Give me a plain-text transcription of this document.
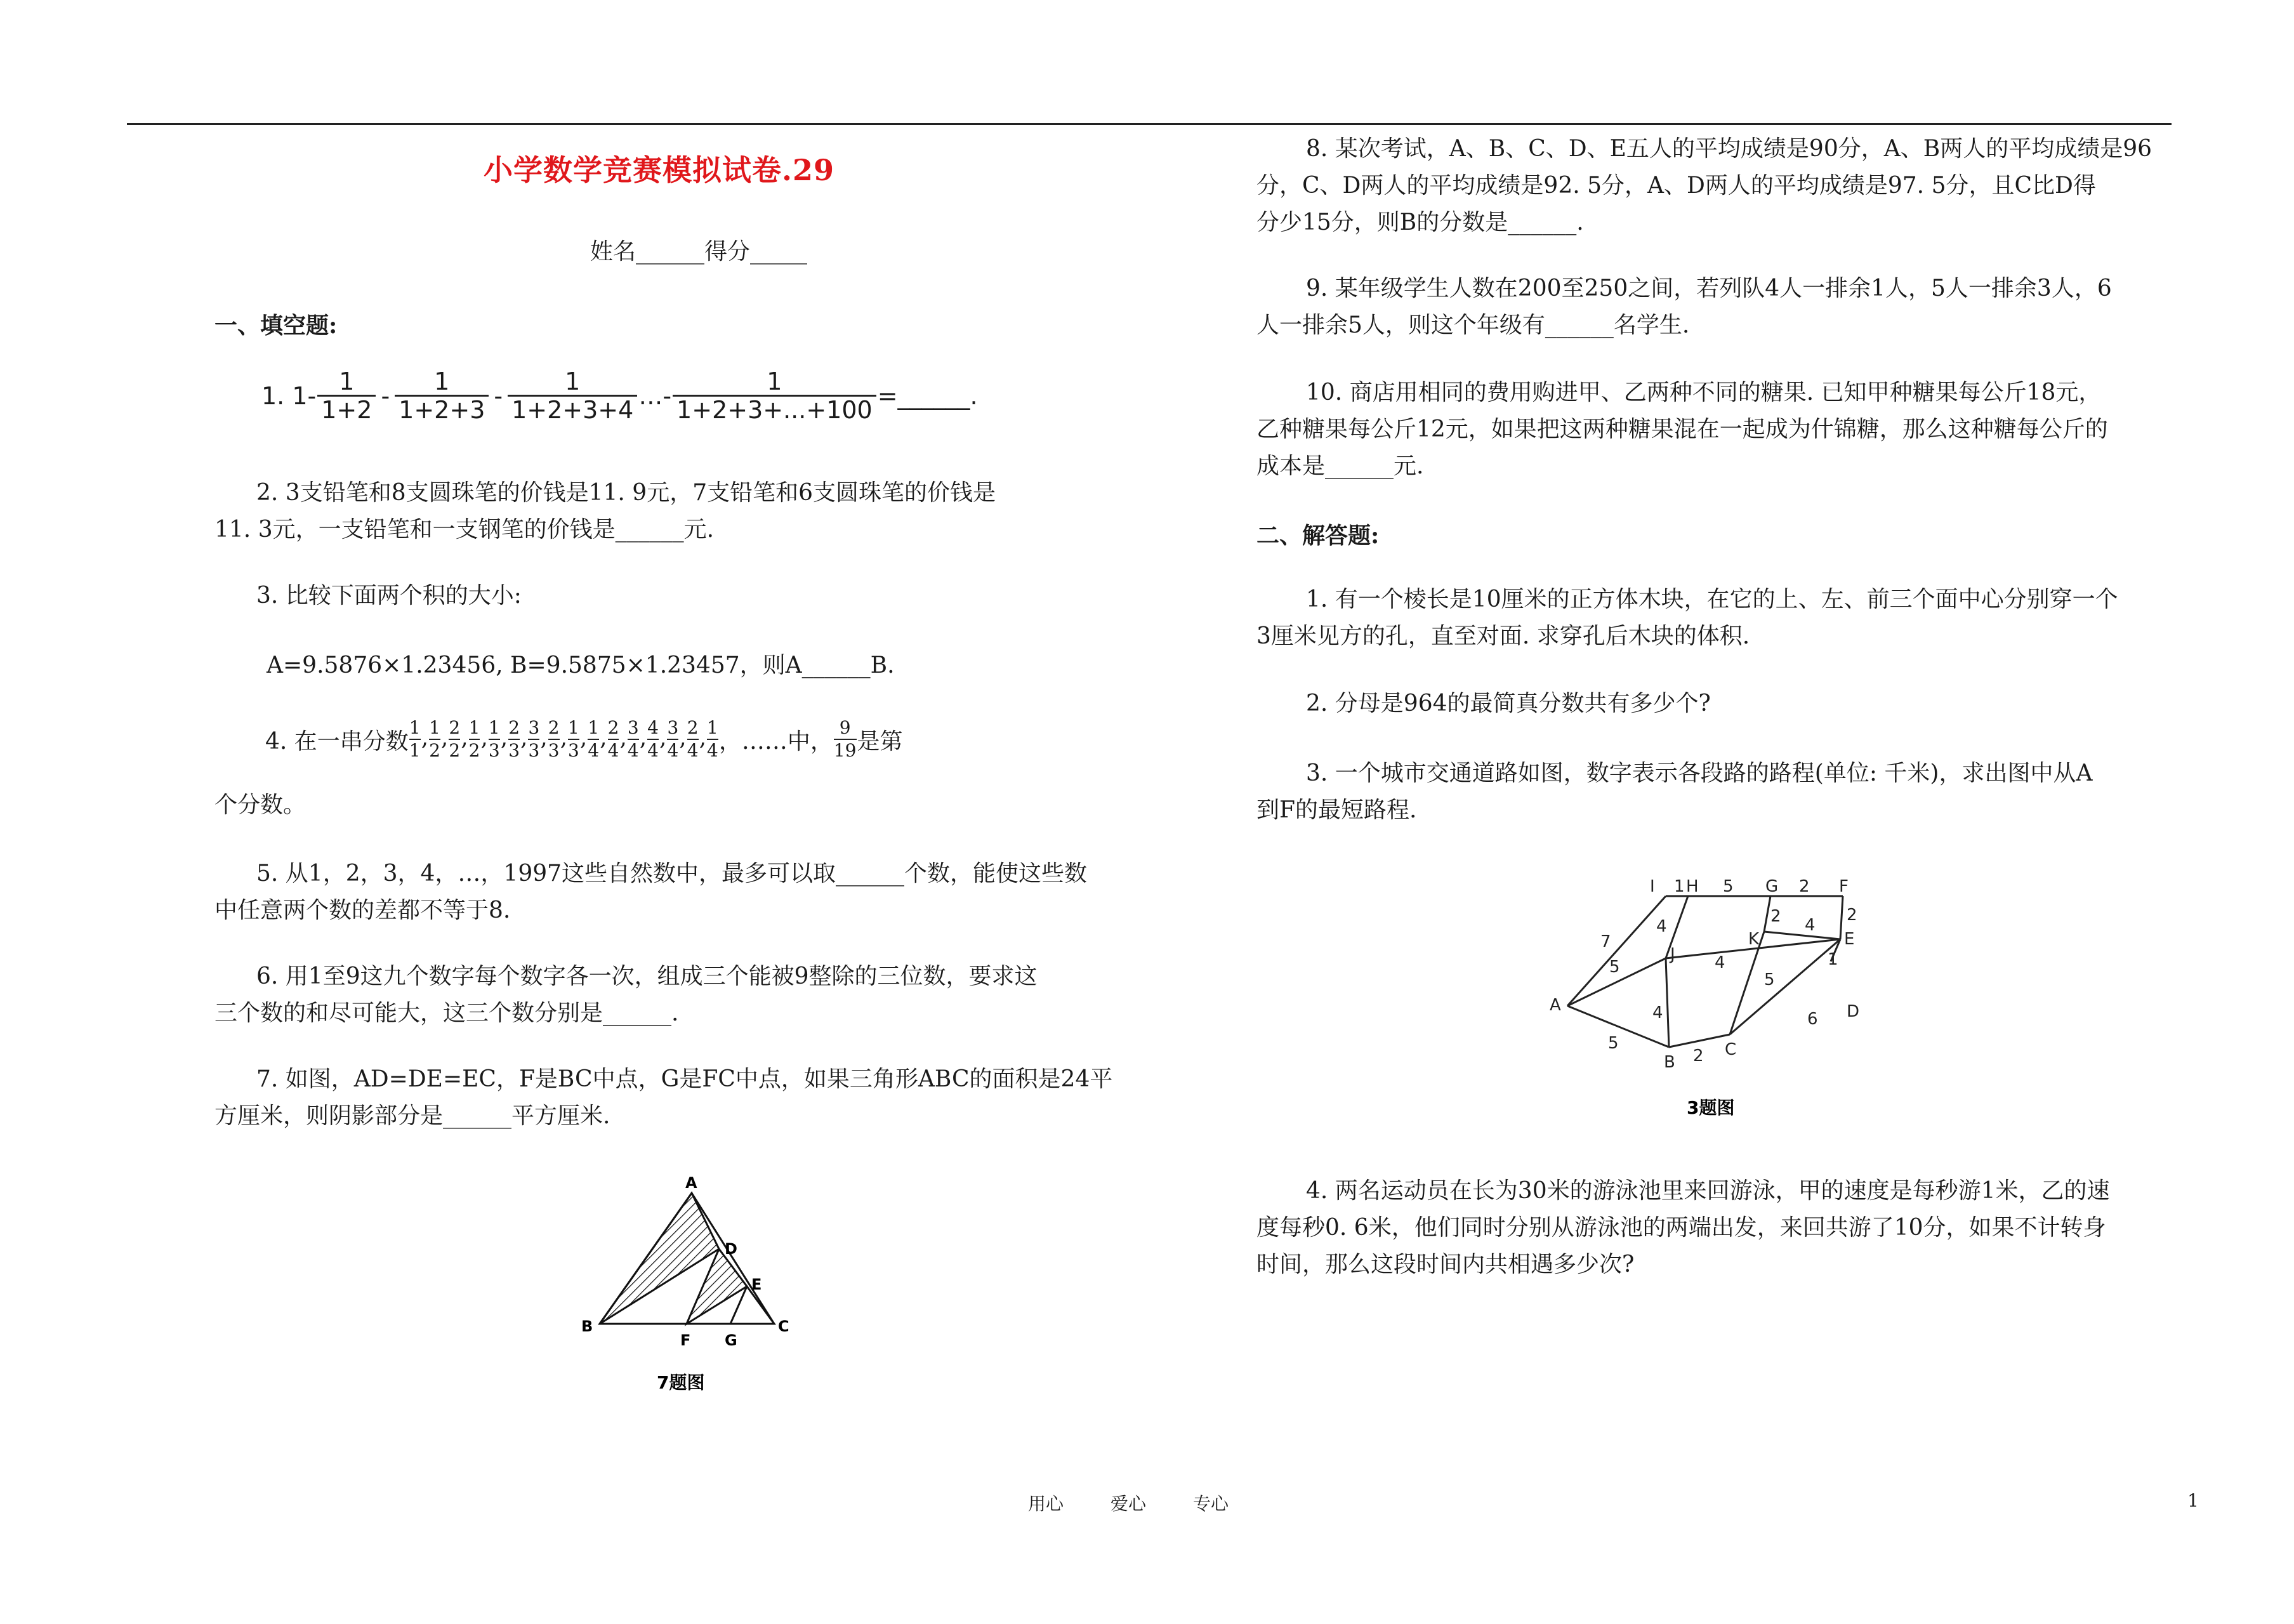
小学数学竞赛模拟试卷.29
姓名______得分_____
一、填空题:
1. $1- \frac{1}{1+2} - \frac{1}{1+2+3} - \frac{1}{1+2+3+4}$ …- $\frac{1}{1+2+3+...+100}$ =______.
2. 3支铅笔和8支圆珠笔的价钱是11. 9元，7支铅笔和6支圆珠笔的价钱是
11. 3元，一支铅笔和一支钢笔的价钱是______元.
3. 比较下面两个积的大小:
A=9.5876×1.23456, B=9.5875×1.23457，则A______B.
4. 在一串分数 $\frac{1}{1}$ , $\frac{1}{2}$ , $\frac{2}{2}$ , $\frac{1}{2}$ , $\frac{1}{3}$ , $\frac{2}{3}$ , $\frac{3}{3}$ , $\frac{2}{3}$ , $\frac{1}{3}$ , $\frac{1}{4}$ , $\frac{2}{4}$ , $\frac{3}{4}$ , $\frac{4}{4}$ , $\frac{3}{4}$ , $\frac{2}{4}$ , $\frac{1}{4}$ ，……中，
9
19 是第
个分数。
5. 从1，2，3，4，…，1997这些自然数中，最多可以取______个数，能使这些数
中任意两个数的差都不等于8.
6. 用1至9这九个数字每个数字各一次，组成三个能被9整除的三位数，要求这
三个数的和尽可能大，这三个数分别是______.
7. 如图，AD=DE=EC，F是BC中点，G是FC中点，如果三角形ABC的面积是24平
方厘米，则阴影部分是______平方厘米.
A
B	C
D
E
F G
7题图
8. 某次考试，A、B、C、D、E五人的平均成绩是90分，A、B两人的平均成绩是96
分，C、D两人的平均成绩是92. 5分，A、D两人的平均成绩是97. 5分，且C比D得
分少15分，则B的分数是______.
9. 某年级学生人数在200至250之间，若列队4人一排余1人，5人一排余3人，6
人一排余5人，则这个年级有______名学生.
10. 商店用相同的费用购进甲、乙两种不同的糖果. 已知甲种糖果每公斤18元，
乙种糖果每公斤12元，如果把这两种糖果混在一起成为什锦糖，那么这种糖每公斤的
成本是______元.
二、解答题:
1. 有一个棱长是10厘米的正方体木块，在它的上、左、前三个面中心分别穿一个
3厘米见方的孔，直至对面. 求穿孔后木块的体积.
2. 分母是964的最简真分数共有多少个?
3. 一个城市交通道路如图，数字表示各段路的路程(单位: 千米)，求出图中从A
到F的最短路程.
I H	G	F
E
K
J
A
B
C
D
1 5	2
2
7
4
2 4
5	4
5
1
5
4
2
6
3题图
4. 两名运动员在长为30米的游泳池里来回游泳，甲的速度是每秒游1米，乙的速
度每秒0. 6米，他们同时分别从游泳池的两端出发，来回共游了10分，如果不计转身
时间，那么这段时间内共相遇多少次?
用心	爱心	专心	1
